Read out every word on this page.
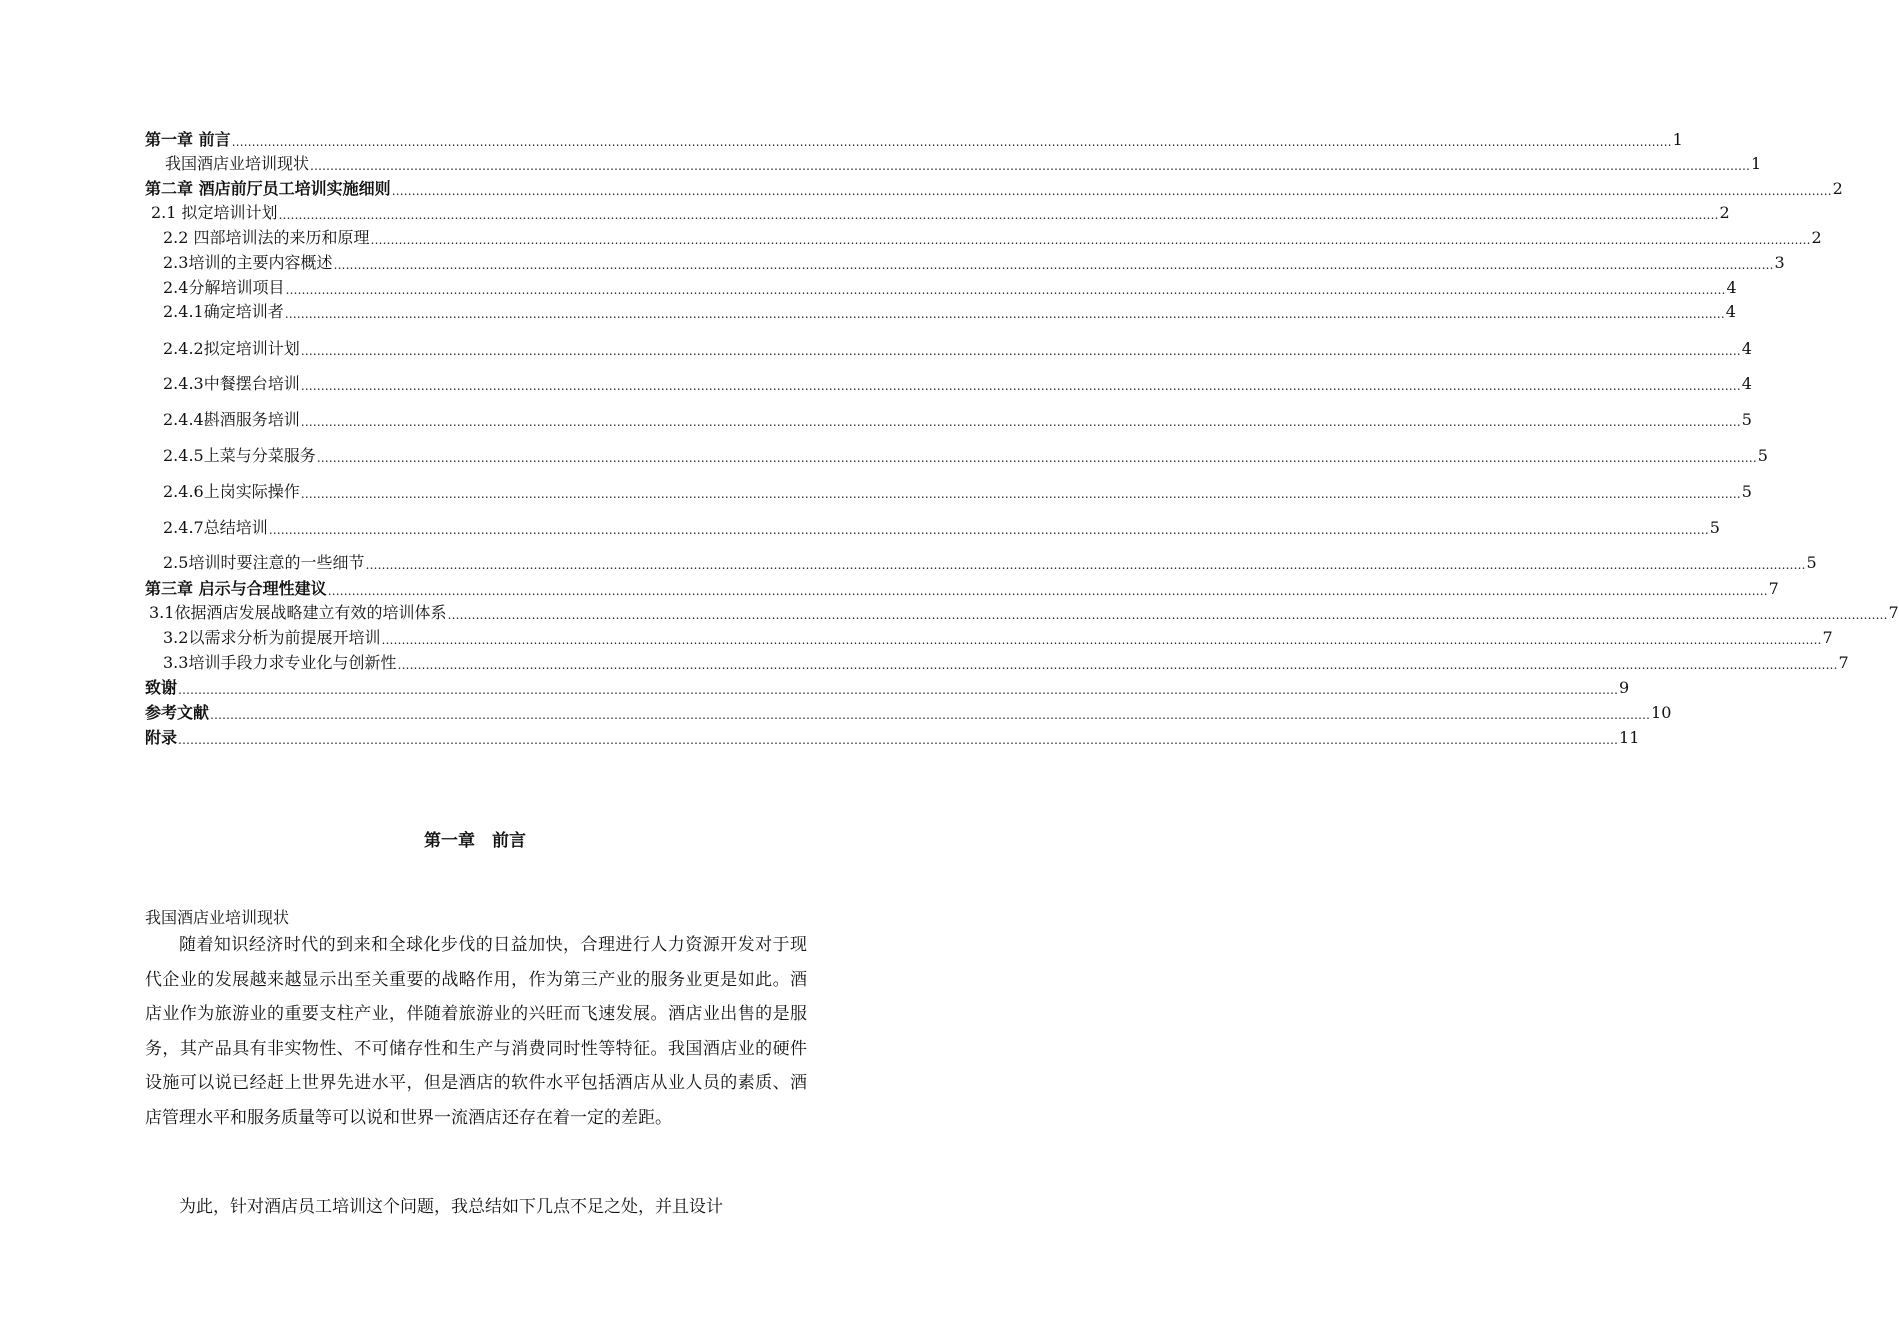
第一章 前言 ……………………………………………………………………………………………………………………………………………………………………………………………………………………………………………………………………………………………………………………………… 1
我国酒店业培训现状 ……………………………………………………………………………………………………………………………………………………………………………………………………………………………………………………………………………………………………………………………… 1
第二章 酒店前厅员工培训实施细则 ……………………………………………………………………………………………………………………………………………………………………………………………………………………………………………………………………………………………………………………………… 2
2.1 拟定培训计划 ……………………………………………………………………………………………………………………………………………………………………………………………………………………………………………………………………………………………………………………………… 2
2.2 四部培训法的来历和原理 ……………………………………………………………………………………………………………………………………………………………………………………………………………………………………………………………………………………………………………………………… 2
2.3培训的主要内容概述 ……………………………………………………………………………………………………………………………………………………………………………………………………………………………………………………………………………………………………………………………… 3
2.4分解培训项目 ……………………………………………………………………………………………………………………………………………………………………………………………………………………………………………………………………………………………………………………………… 4
2.4.1确定培训者 ……………………………………………………………………………………………………………………………………………………………………………………………………………………………………………………………………………………………………………………………… 4
2.4.2拟定培训计划 ……………………………………………………………………………………………………………………………………………………………………………………………………………………………………………………………………………………………………………………………… 4
2.4.3中餐摆台培训 ……………………………………………………………………………………………………………………………………………………………………………………………………………………………………………………………………………………………………………………………… 4
2.4.4斟酒服务培训 ……………………………………………………………………………………………………………………………………………………………………………………………………………………………………………………………………………………………………………………………… 5
2.4.5上菜与分菜服务 ……………………………………………………………………………………………………………………………………………………………………………………………………………………………………………………………………………………………………………………………… 5
2.4.6上岗实际操作 ……………………………………………………………………………………………………………………………………………………………………………………………………………………………………………………………………………………………………………………………… 5
2.4.7总结培训 ……………………………………………………………………………………………………………………………………………………………………………………………………………………………………………………………………………………………………………………………… 5
2.5培训时要注意的一些细节 ……………………………………………………………………………………………………………………………………………………………………………………………………………………………………………………………………………………………………………………………… 5
第三章 启示与合理性建议 ……………………………………………………………………………………………………………………………………………………………………………………………………………………………………………………………………………………………………………………………… 7
3.1依据酒店发展战略建立有效的培训体系 ……………………………………………………………………………………………………………………………………………………………………………………………………………………………………………………………………………………………………………………………… 7
3.2以需求分析为前提展开培训 ……………………………………………………………………………………………………………………………………………………………………………………………………………………………………………………………………………………………………………………………… 7
3.3培训手段力求专业化与创新性 ……………………………………………………………………………………………………………………………………………………………………………………………………………………………………………………………………………………………………………………………… 7
致谢 ……………………………………………………………………………………………………………………………………………………………………………………………………………………………………………………………………………………………………………………………… 9
参考文献 ……………………………………………………………………………………………………………………………………………………………………………………………………………………………………………………………………………………………………………………………… 10
附录 ……………………………………………………………………………………………………………………………………………………………………………………………………………………………………………………………………………………………………………………………… 11
第一章　前言
我国酒店业培训现状

随着知识经济时代的到来和全球化步伐的日益加快，合理进行人力资源开发对于现代企业的发展越来越显示出至关重要的战略作用，作为第三产业的服务业更是如此。酒店业作为旅游业的重要支柱产业，伴随着旅游业的兴旺而飞速发展。酒店业出售的是服务，其产品具有非实物性、不可储存性和生产与消费同时性等特征。我国酒店业的硬件设施可以说已经赶上世界先进水平，但是酒店的软件水平包括酒店从业人员的素质、酒店管理水平和服务质量等可以说和世界一流酒店还存在着一定的差距。

为此，针对酒店员工培训这个问题，我总结如下几点不足之处，并且设计
